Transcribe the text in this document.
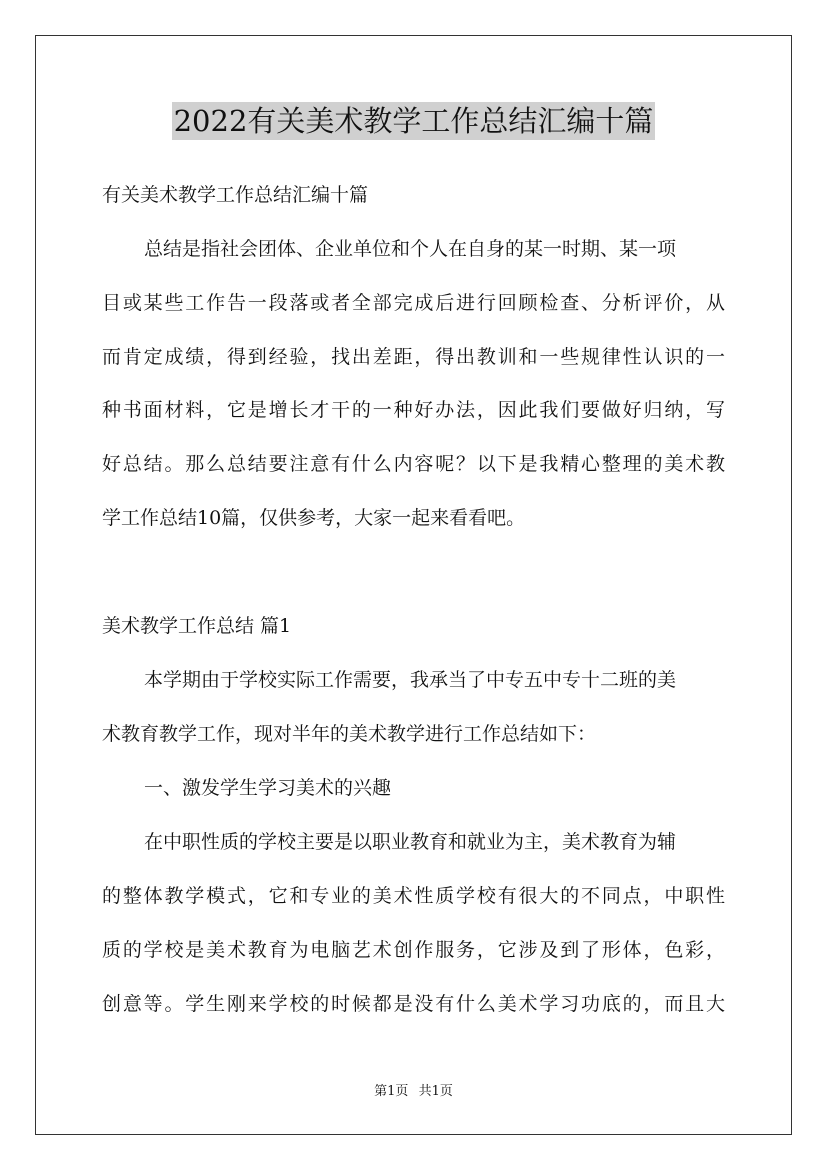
2022有关美术教学工作总结汇编十篇
有关美术教学工作总结汇编十篇
总结是指社会团体、企业单位和个人在自身的某一时期、某一项
目或某些工作告一段落或者全部完成后进行回顾检查、分析评价，从
而肯定成绩，得到经验，找出差距，得出教训和一些规律性认识的一
种书面材料，它是增长才干的一种好办法，因此我们要做好归纳，写
好总结。那么总结要注意有什么内容呢？以下是我精心整理的美术教
学工作总结10篇，仅供参考，大家一起来看看吧。
美术教学工作总结 篇1
本学期由于学校实际工作需要，我承当了中专五中专十二班的美
术教育教学工作，现对半年的美术教学进行工作总结如下：
一、激发学生学习美术的兴趣
在中职性质的学校主要是以职业教育和就业为主，美术教育为辅
的整体教学模式，它和专业的美术性质学校有很大的不同点，中职性
质的学校是美术教育为电脑艺术创作服务，它涉及到了形体，色彩，
创意等。学生刚来学校的时候都是没有什么美术学习功底的，而且大
第1页 共1页
